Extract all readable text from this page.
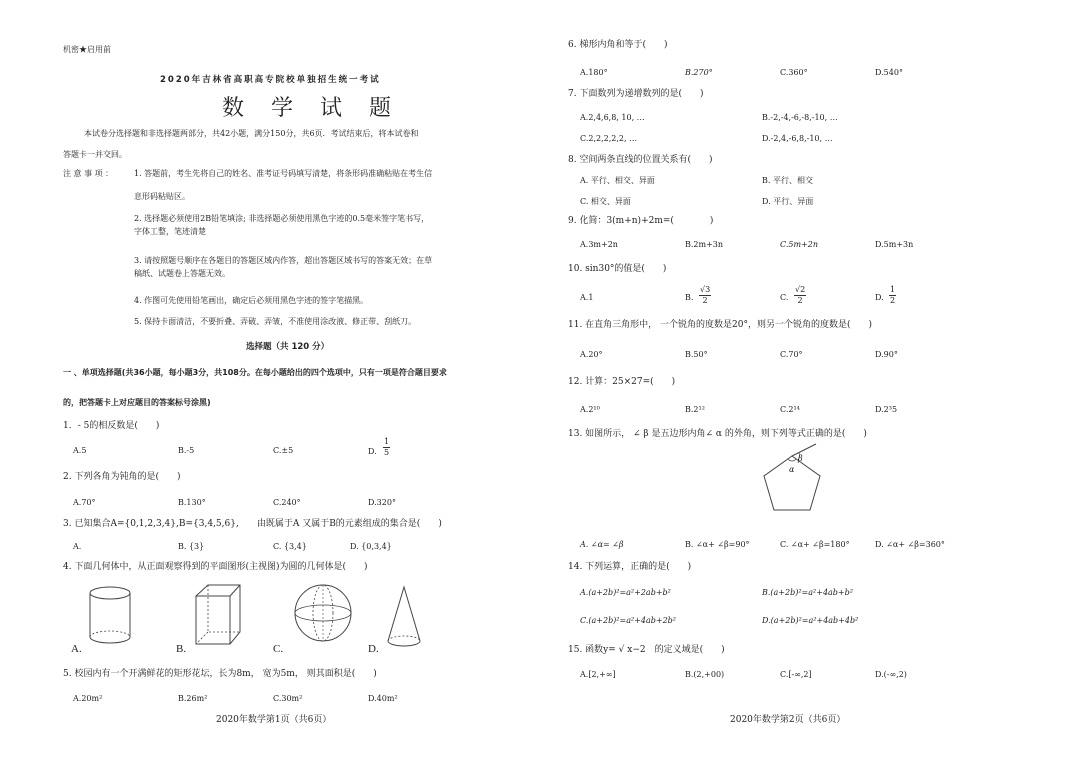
机密★启用前
2020年吉林省高职高专院校单独招生统一考试
数 学 试 题
本试卷分选择题和非选择题两部分，共42小题，满分150分，共6页．考试结束后，将本试卷和
答题卡一并交回。
注 意 事 项 ：	1. 答题前，考生先将自己的姓名、准考证号码填写清楚，将条形码准确粘贴在考生信
息形码粘贴区。
2. 选择题必须使用2B铅笔填涂; 非选择题必须使用黑色字迹的0.5毫米签字笔书写，
字体工整，笔迹清楚
3. 请按照题号顺序在各题目的答题区域内作答，超出答题区域书写的答案无效；在草
稿纸、试题卷上答题无效。
4. 作图可先使用铅笔画出，确定后必须用黑色字迹的签字笔描黑。
5. 保持卡面清洁，不要折叠、弄破、弄皱，不准使用涂改液、修正带、刮纸刀。
选择题（共 120 分）
一 、单项选择题(共36小题，每小题3分，共108分。在每小题给出的四个选项中，只有一项是符合题目要求
的，把答题卡上对应题目的答案标号涂黑)
1．- 5的相反数是(　　)
A.5	B.-5	C.±5	D. $\frac{1}{5}$
2. 下列各角为钝角的是(　　)
A.70°	B.130°	C.240°	D.320°
3. 已知集合A={0,1,2,3,4},B={3,4,5,6},　　由既属于A 又属于B的元素组成的集合是(　　)
A.	B. {3}	C. {3,4}	D. {0,3,4}
4. 下面几何体中，从正面观察得到的平面图形(主视图)为圆的几何体是(　　)
A.	B.	C.	D.
5. 校园内有一个开满鲜花的矩形花坛，长为8m， 宽为5m， 则其面积是(　　)
A.20m²	B.26m²	C.30m²	D.40m²
2020年数学第1页（共6页）
6. 梯形内角和等于(　　)
A.180°	B.270°	C.360°	D.540°
7. 下面数列为递增数列的是(　　)
A.2,4,6,8, 10, …	B.-2,-4,-6,-8,-10, …
C.2,2,2,2,2, …	D.-2,4,-6,8,-10, …
8. 空间两条直线的位置关系有(　　)
A. 平行、相交、异面	B. 平行、相交
C. 相交、异面	D. 平行、异面
9. 化简：3(m+n)+2m=(　　　　)
A.3m+2n	B.2m+3n	C.5m+2n	D.5m+3n
10. sin30°的值是(　　)
A.1	B. $\frac{√3}{2}$	C. $\frac{√2}{2}$	D. $\frac{1}{2}$
11. 在直角三角形中， 一个锐角的度数是20°，则另一个锐角的度数是(　　)
A.20°	B.50°	C.70°	D.90°
12. 计算：25×27=(　　)
A.2¹⁰	B.2¹²	C.2¹⁴	D.2³5
13. 如图所示， ∠ β 是五边形内角∠ α 的外角，则下列等式正确的是(　　)
β
α
A. ∠α= ∠β	B. ∠α+ ∠β=90°	C. ∠α+ ∠β=180°	D. ∠α+ ∠β=360°
14. 下列运算，正确的是(　　)
A.(a+2b)²=a²+2ab+b²	B.(a+2b)²=a²+4ab+b²
C.(a+2b)²=a²+4ab+2b²	D.(a+2b)²=a²+4ab+4b²
15. 函数y= √ x−2　的定义域是(　　)
A.[2,+∞]	B.(2,+00)	C.[-∞,2]	D.(-∞,2)
2020年数学第2页（共6页）
